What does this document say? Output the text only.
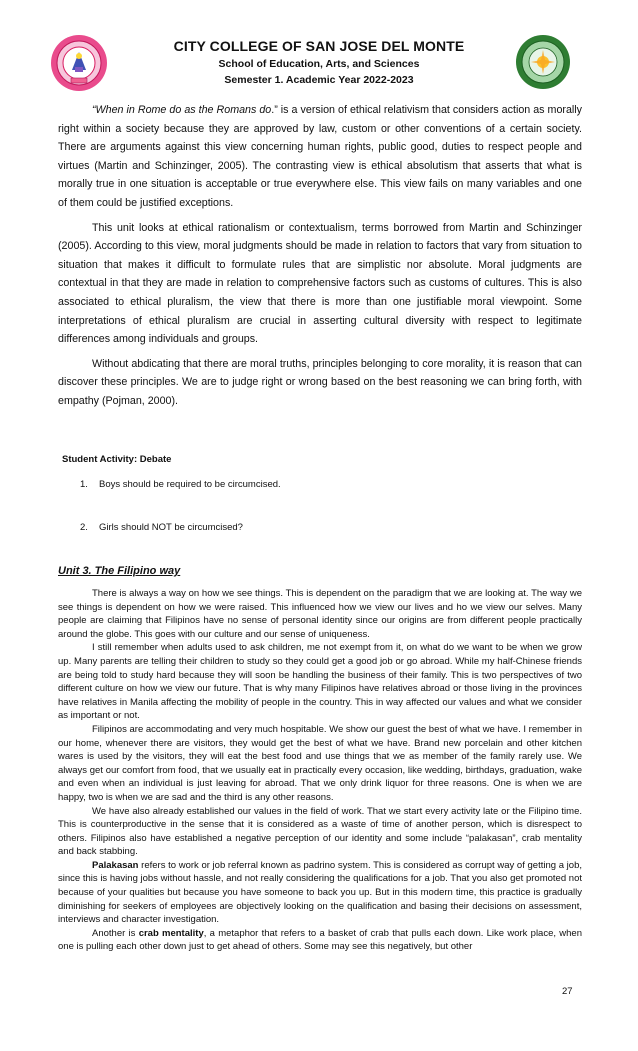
CITY COLLEGE OF SAN JOSE DEL MONTE
School of Education, Arts, and Sciences
Semester 1. Academic Year 2022-2023

“When in Rome do as the Romans do.” is a version of ethical relativism that considers action as morally right within a society because they are approved by law, custom or other conventions of a certain society. There are arguments against this view concerning human rights, public good, duties to respect people and virtues (Martin and Schinzinger, 2005). The contrasting view is ethical absolutism that asserts that what is morally true in one situation is acceptable or true everywhere else. This view fails on many variables and one of them could be justified exceptions.

This unit looks at ethical rationalism or contextualism, terms borrowed from Martin and Schinzinger (2005). According to this view, moral judgments should be made in relation to factors that vary from situation to situation that makes it difficult to formulate rules that are simplistic nor absolute. Moral judgments are contextual in that they are made in relation to comprehensive factors such as customs of cultures. This is also associated to ethical pluralism, the view that there is more than one justifiable moral viewpoint. Some interpretations of ethical pluralism are crucial in asserting cultural diversity with respect to legitimate differences among individuals and groups.

Without abdicating that there are moral truths, principles belonging to core morality, it is reason that can discover these principles. We are to judge right or wrong based on the best reasoning we can bring forth, with empathy (Pojman, 2000).

Student Activity: Debate
1. Boys should be required to be circumcised.
2. Girls should NOT be circumcised?
Unit 3. The Filipino way

There is always a way on how we see things. This is dependent on the paradigm that we are looking at. The way we see things is dependent on how we were raised. This influenced how we view our lives and ho we view our selves. Many people are claiming that Filipinos have no sense of personal identity since our origins are from different people practically around the globe. This goes with our culture and our sense of uniqueness.

I still remember when adults used to ask children, me not exempt from it, on what do we want to be when we grow up. Many parents are telling their children to study so they could get a good job or go abroad. While my half-Chinese friends are being told to study hard because they will soon be handling the business of their family. This is two perspectives of two different culture on how we view our future. That is why many Filipinos have relatives abroad or those living in the provinces have relatives in Manila affecting the mobility of people in the country. This in way affected our values and what we consider as important or not.

Filipinos are accommodating and very much hospitable. We show our guest the best of what we have. I remember in our home, whenever there are visitors, they would get the best of what we have. Brand new porcelain and other kitchen wares is used by the visitors, they will eat the best food and use things that we as member of the family rarely use. We always get our comfort from food, that we usually eat in practically every occasion, like wedding, birthdays, graduation, wake and even when an individual is just leaving for abroad. That we only drink liquor for three reasons. One is when we are happy, two is when we are sad and the third is any other reasons.

We have also already established our values in the field of work. That we start every activity late or the Filipino time. This is counterproductive in the sense that it is considered as a waste of time of another person, which is disrespect to others. Filipinos also have established a negative perception of our identity and some include “palakasan”, crab mentality and back stabbing.

Palakasan refers to work or job referral known as padrino system. This is considered as corrupt way of getting a job, since this is having jobs without hassle, and not really considering the qualifications for a job. That you also get promoted not because of your qualities but because you have someone to back you up. But in this modern time, this practice is gradually diminishing for seekers of employees are objectively looking on the qualification and basing their decisions on assessment, interviews and character investigation.

Another is crab mentality, a metaphor that refers to a basket of crab that pulls each down. Like work place, when one is pulling each other down just to get ahead of others. Some may see this negatively, but other

27
